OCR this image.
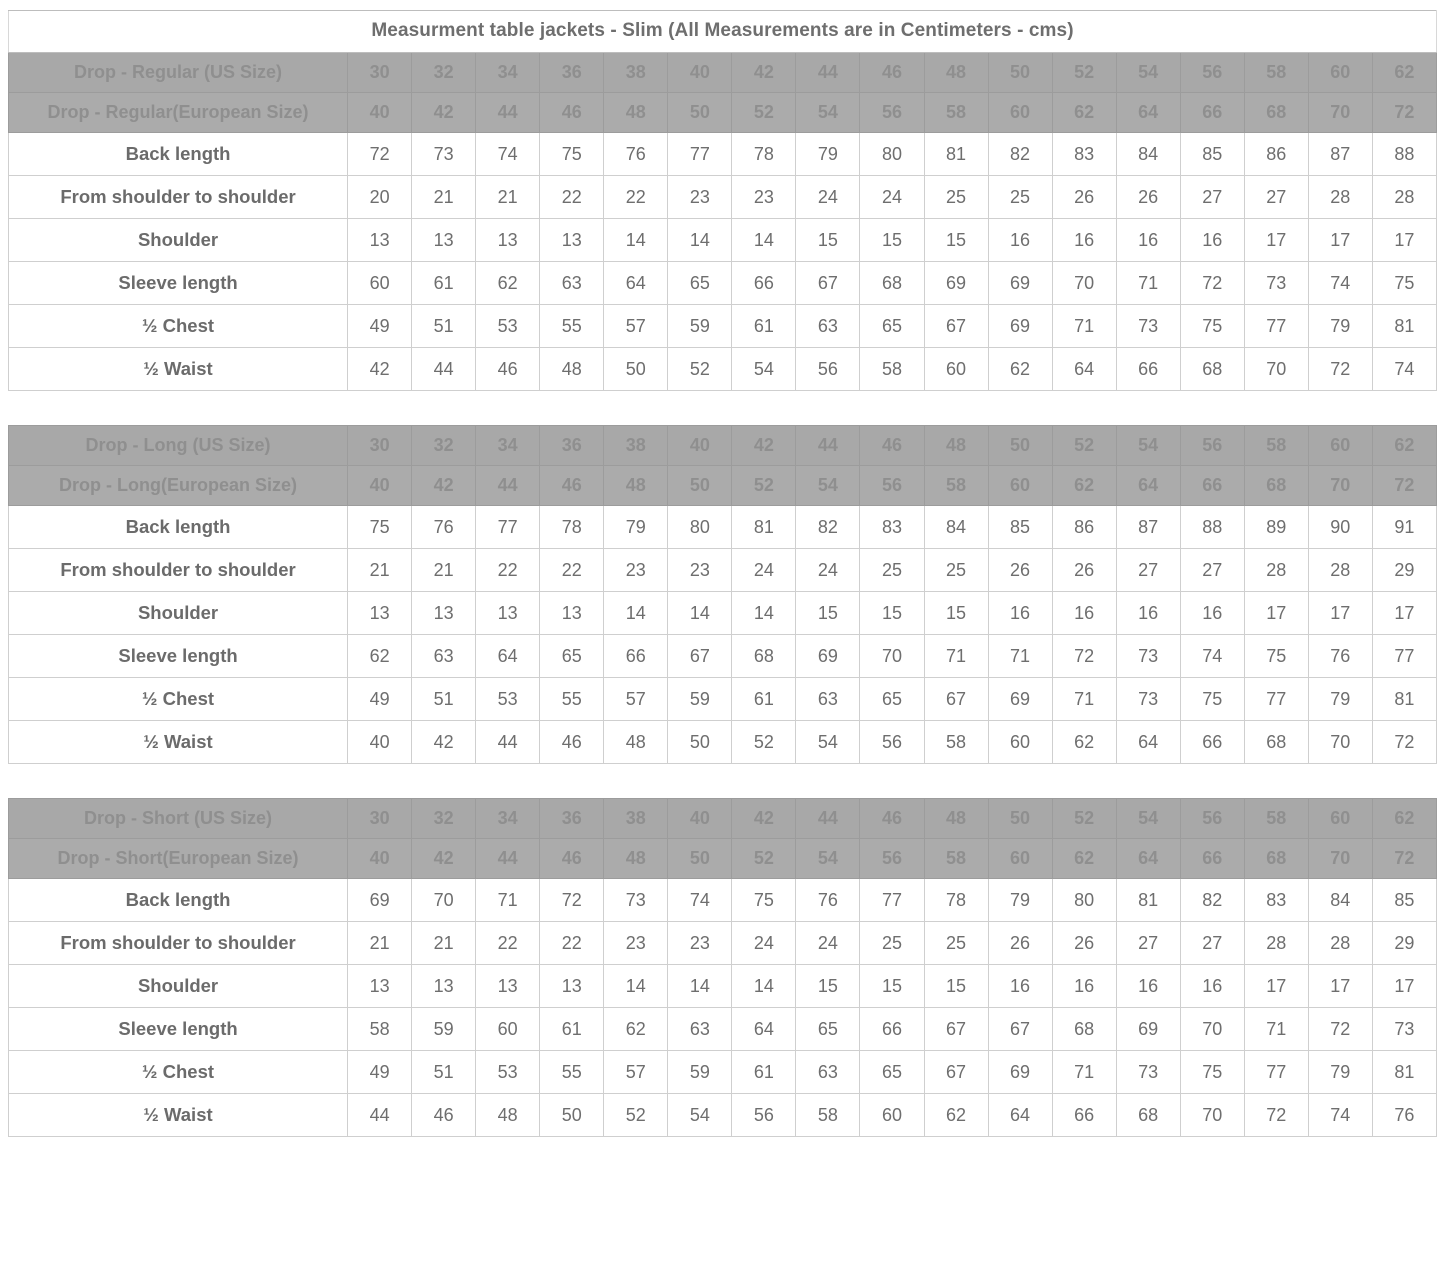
Measurment table jackets - Slim (All Measurements are in Centimeters - cms)																	
Drop - Regular (US Size)	30	32	34	36	38	40	42	44	46	48	50	52	54	56	58	60	62
Drop - Regular(European Size)	40	42	44	46	48	50	52	54	56	58	60	62	64	66	68	70	72
Back length	72	73	74	75	76	77	78	79	80	81	82	83	84	85	86	87	88
From shoulder to shoulder	20	21	21	22	22	23	23	24	24	25	25	26	26	27	27	28	28
Shoulder	13	13	13	13	14	14	14	15	15	15	16	16	16	16	17	17	17
Sleeve length	60	61	62	63	64	65	66	67	68	69	69	70	71	72	73	74	75
½ Chest	49	51	53	55	57	59	61	63	65	67	69	71	73	75	77	79	81
½ Waist	42	44	46	48	50	52	54	56	58	60	62	64	66	68	70	72	74

Drop - Long (US Size)	30	32	34	36	38	40	42	44	46	48	50	52	54	56	58	60	62
Drop - Long(European Size)	40	42	44	46	48	50	52	54	56	58	60	62	64	66	68	70	72
Back length	75	76	77	78	79	80	81	82	83	84	85	86	87	88	89	90	91
From shoulder to shoulder	21	21	22	22	23	23	24	24	25	25	26	26	27	27	28	28	29
Shoulder	13	13	13	13	14	14	14	15	15	15	16	16	16	16	17	17	17
Sleeve length	62	63	64	65	66	67	68	69	70	71	71	72	73	74	75	76	77
½ Chest	49	51	53	55	57	59	61	63	65	67	69	71	73	75	77	79	81
½ Waist	40	42	44	46	48	50	52	54	56	58	60	62	64	66	68	70	72

Drop - Short (US Size)	30	32	34	36	38	40	42	44	46	48	50	52	54	56	58	60	62
Drop - Short(European Size)	40	42	44	46	48	50	52	54	56	58	60	62	64	66	68	70	72
Back length	69	70	71	72	73	74	75	76	77	78	79	80	81	82	83	84	85
From shoulder to shoulder	21	21	22	22	23	23	24	24	25	25	26	26	27	27	28	28	29
Shoulder	13	13	13	13	14	14	14	15	15	15	16	16	16	16	17	17	17
Sleeve length	58	59	60	61	62	63	64	65	66	67	67	68	69	70	71	72	73
½ Chest	49	51	53	55	57	59	61	63	65	67	69	71	73	75	77	79	81
½ Waist	44	46	48	50	52	54	56	58	60	62	64	66	68	70	72	74	76
